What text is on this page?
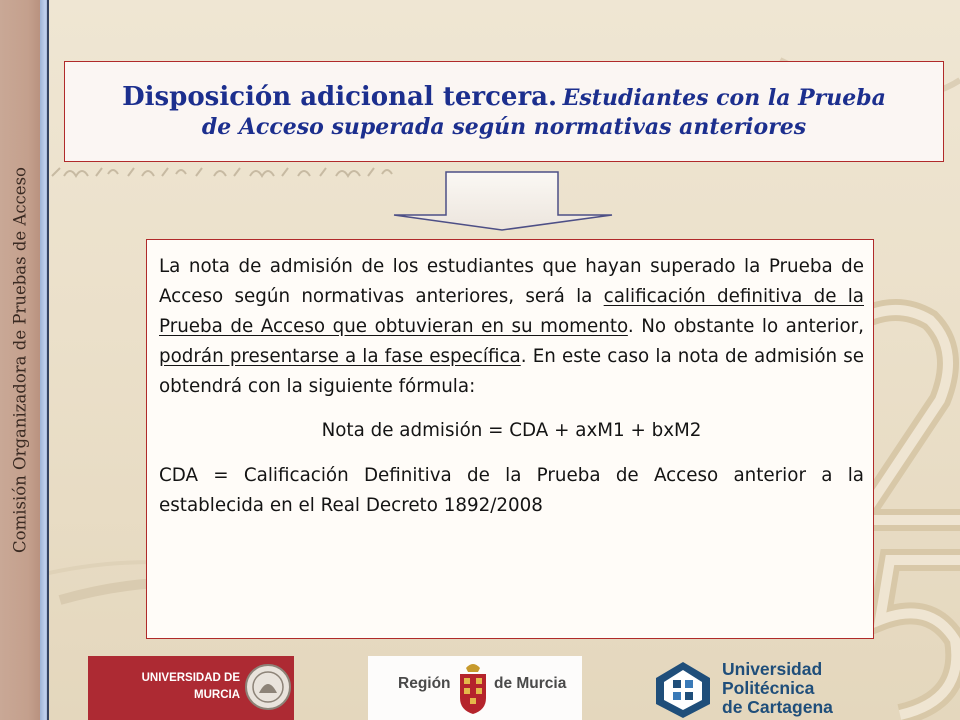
Comisión Organizadora de Pruebas de Acceso

Disposición adicional tercera. Estudiantes con la Prueba
de Acceso superada según normativas anteriores

La nota de admisión de los estudiantes que hayan superado la Prueba de Acceso según normativas anteriores, será la calificación definitiva de la Prueba de Acceso que obtuvieran en su momento. No obstante lo anterior, podrán presentarse a la fase específica. En este caso la nota de admisión se obtendrá con la siguiente fórmula:

Nota de admisión = CDA + axM1 + bxM2

CDA = Calificación Definitiva de la Prueba de Acceso anterior a la establecida en el Real Decreto 1892/2008

UNIVERSIDAD DE
MURCIA
Región	de Murcia
Universidad
Politécnica
de Cartagena
